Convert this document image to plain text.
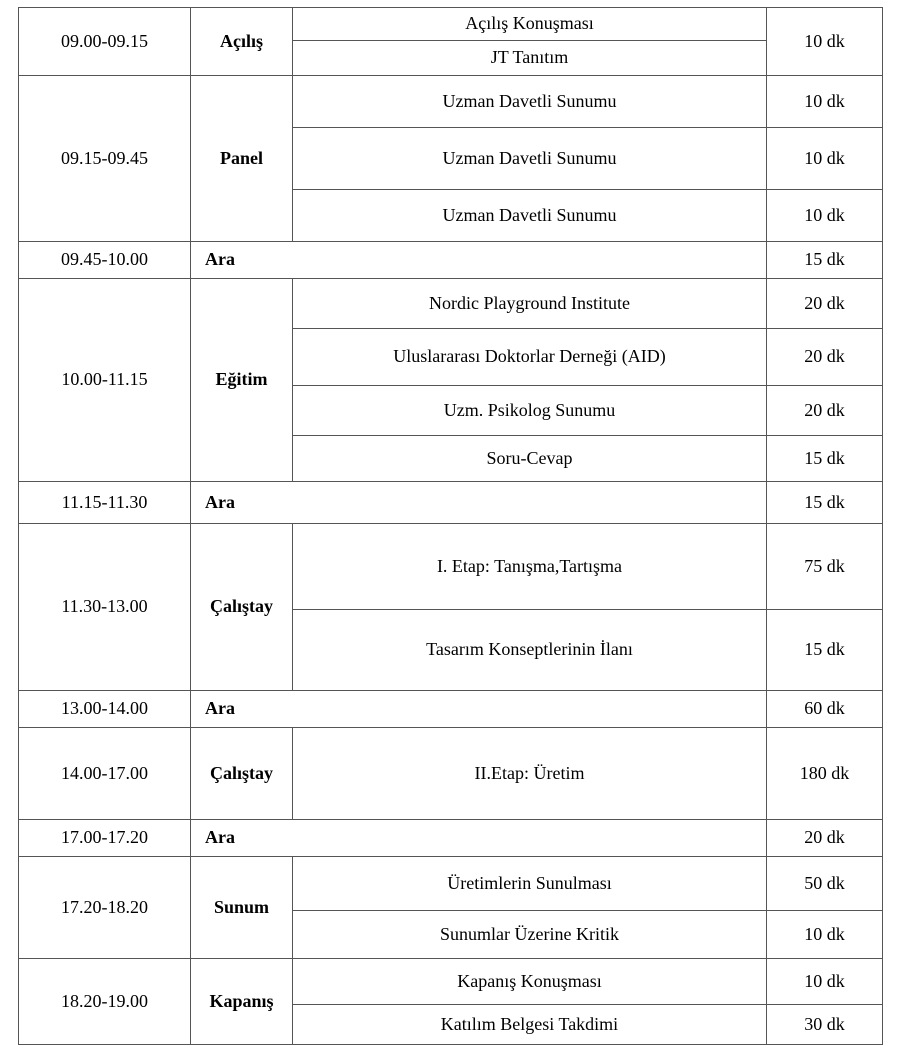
09.00-09.15	Açılış	Açılış Konuşması	10 dk
		JT Tanıtım	
09.15-09.45	Panel	Uzman Davetli Sunumu	10 dk
		Uzman Davetli Sunumu	10 dk
		Uzman Davetli Sunumu	10 dk
09.45-10.00	Ara		15 dk
10.00-11.15	Eğitim	Nordic Playground Institute	20 dk
		Uluslararası Doktorlar Derneği (AID)	20 dk
		Uzm. Psikolog Sunumu	20 dk
		Soru-Cevap	15 dk
11.15-11.30	Ara		15 dk
11.30-13.00	Çalıştay	I. Etap: Tanışma,Tartışma	75 dk
		Tasarım Konseptlerinin İlanı	15 dk
13.00-14.00	Ara		60 dk
14.00-17.00	Çalıştay	II.Etap: Üretim	180 dk
17.00-17.20	Ara		20 dk
17.20-18.20	Sunum	Üretimlerin Sunulması	50 dk
		Sunumlar Üzerine Kritik	10 dk
18.20-19.00	Kapanış	Kapanış Konuşması	10 dk
		Katılım Belgesi Takdimi	30 dk
